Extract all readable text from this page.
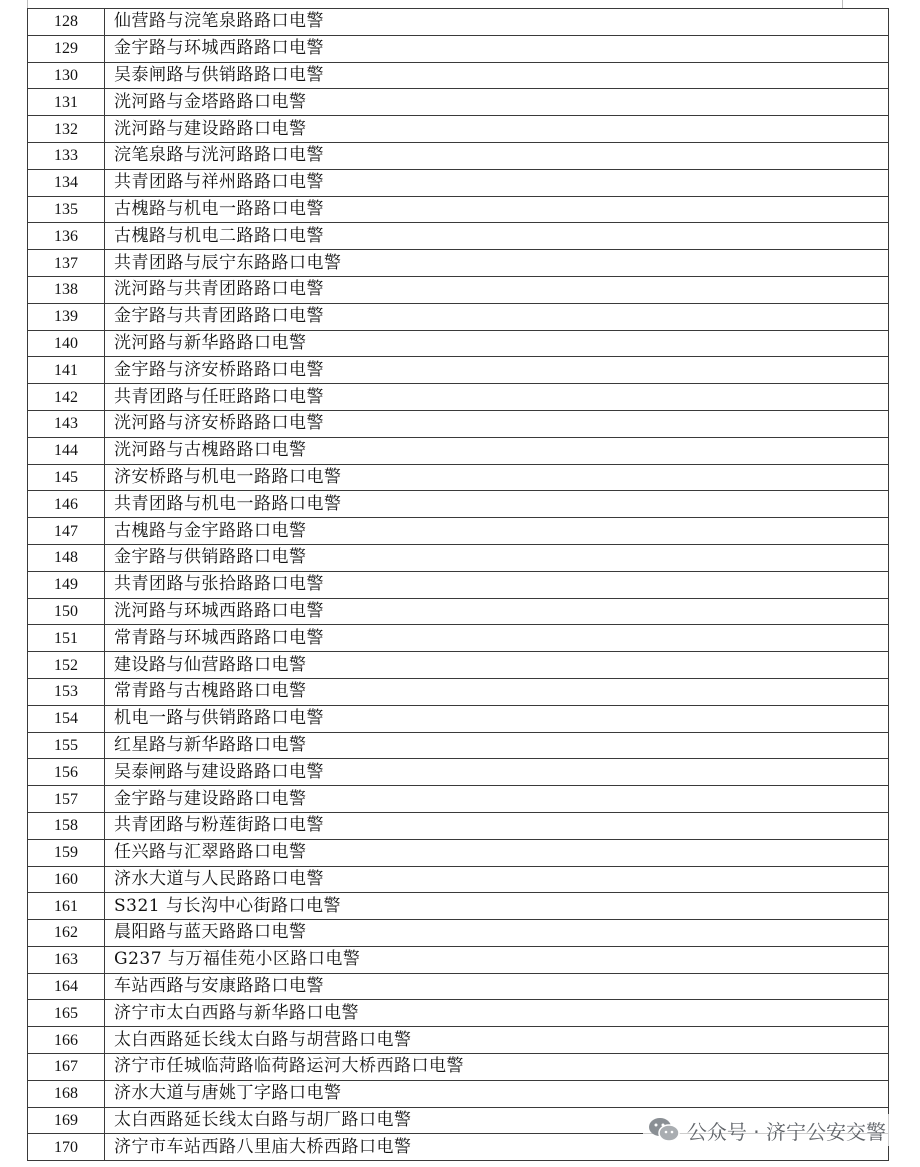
128	仙营路与浣笔泉路路口电警
129	金宇路与环城西路路口电警
130	吴泰闸路与供销路路口电警
131	洸河路与金塔路路口电警
132	洸河路与建设路路口电警
133	浣笔泉路与洸河路路口电警
134	共青团路与祥州路路口电警
135	古槐路与机电一路路口电警
136	古槐路与机电二路路口电警
137	共青团路与辰宁东路路口电警
138	洸河路与共青团路路口电警
139	金宇路与共青团路路口电警
140	洸河路与新华路路口电警
141	金宇路与济安桥路路口电警
142	共青团路与任旺路路口电警
143	洸河路与济安桥路路口电警
144	洸河路与古槐路路口电警
145	济安桥路与机电一路路口电警
146	共青团路与机电一路路口电警
147	古槐路与金宇路路口电警
148	金宇路与供销路路口电警
149	共青团路与张拾路路口电警
150	洸河路与环城西路路口电警
151	常青路与环城西路路口电警
152	建设路与仙营路路口电警
153	常青路与古槐路路口电警
154	机电一路与供销路路口电警
155	红星路与新华路路口电警
156	吴泰闸路与建设路路口电警
157	金宇路与建设路路口电警
158	共青团路与粉莲街路口电警
159	任兴路与汇翠路路口电警
160	济水大道与人民路路口电警
161	S321 与长沟中心街路口电警
162	晨阳路与蓝天路路口电警
163	G237 与万福佳苑小区路口电警
164	车站西路与安康路路口电警
165	济宁市太白西路与新华路口电警
166	太白西路延长线太白路与胡营路口电警
167	济宁市任城临菏路临荷路运河大桥西路口电警
168	济水大道与唐姚丁字路口电警
169	太白西路延长线太白路与胡厂路口电警
170	济宁市车站西路八里庙大桥西路口电警
公众号 · 济宁公安交警
